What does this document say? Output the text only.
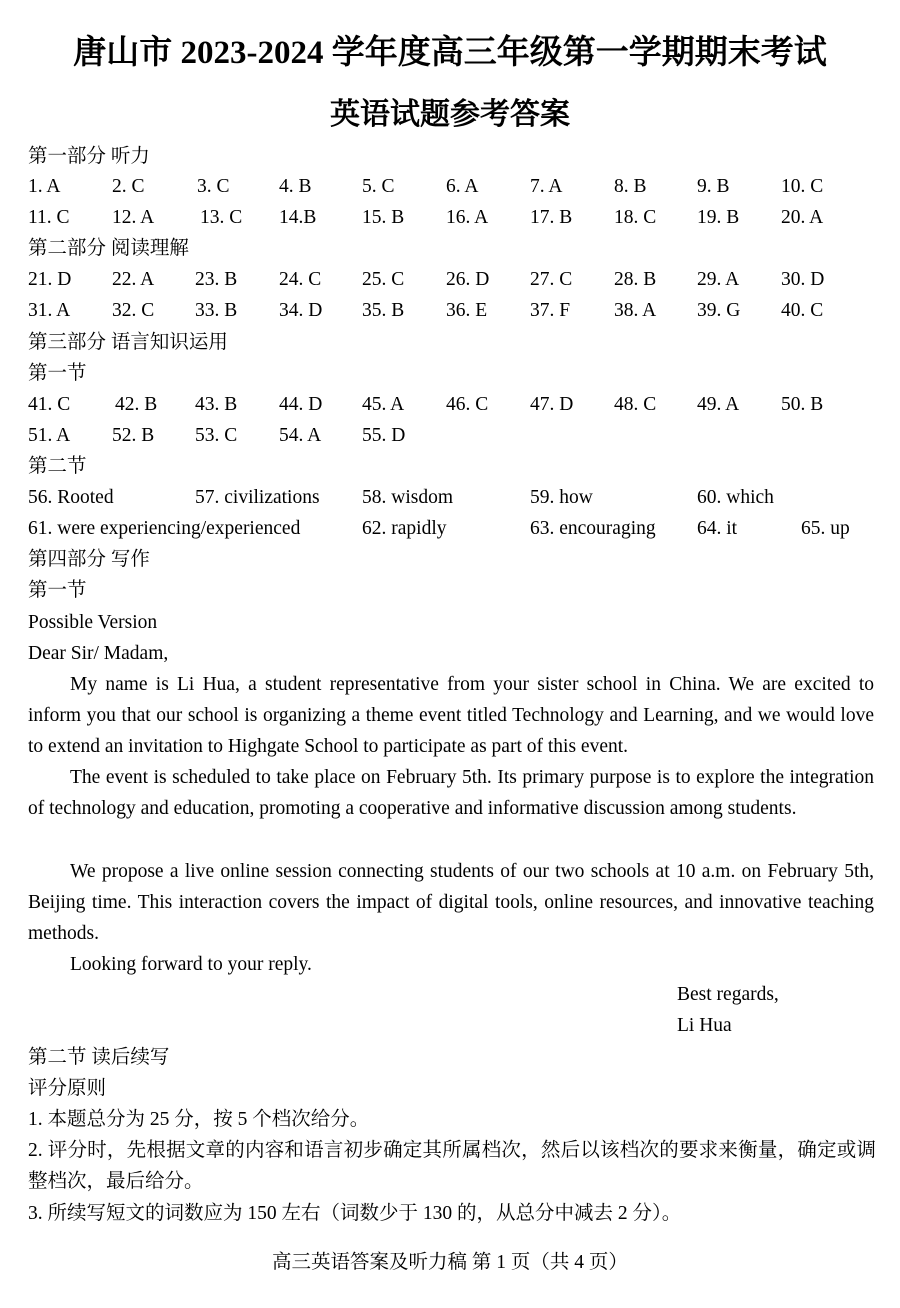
唐山市 2023-2024 学年度高三年级第一学期期末考试
英语试题参考答案
第一部分 听力
1. A	2. C	3. C	4. B	5. C	6. A	7. A	8. B	9. B	10. C
11. C 12. A 13. C 14.B 15. B 16. A 17. B 18. C 19. B 20. A
第二部分 阅读理解
21. D 22. A 23. B 24. C 25. C 26. D 27. C 28. B 29. A 30. D
31. A 32. C 33. B 34. D 35. B 36. E 37. F 38. A 39. G 40. C
第三部分 语言知识运用
第一节
41. C 42. B 43. B 44. D 45. A 46. C 47. D 48. C 49. A 50. B
51. A 52. B 53. C 54. A 55. D
第二节
56. Rooted	57. civilizations 58. wisdom	59. how	60. which
61. were experiencing/experienced	62. rapidly	63. encouraging 64. it	65. up
第四部分 写作
第一节
Possible Version
Dear Sir/ Madam,
My name is Li Hua, a student representative from your sister school in China. We are excited to inform you that our school is organizing a theme event titled Technology and Learning, and we would love to extend an invitation to Highgate School to participate as part of this event.
The event is scheduled to take place on February 5th. Its primary purpose is to explore the integration of technology and education, promoting a cooperative and informative discussion among students.
We propose a live online session connecting students of our two schools at 10 a.m. on February 5th, Beijing time. This interaction covers the impact of digital tools, online resources, and innovative teaching methods.
Looking forward to your reply.
Best regards,
Li Hua
第二节 读后续写
评分原则
1. 本题总分为 25 分，按 5 个档次给分。
2. 评分时，先根据文章的内容和语言初步确定其所属档次，然后以该档次的要求来衡量，确定或调整档次，最后给分。
3. 所续写短文的词数应为 150 左右（词数少于 130 的，从总分中减去 2 分）。
高三英语答案及听力稿 第 1 页（共 4 页）
